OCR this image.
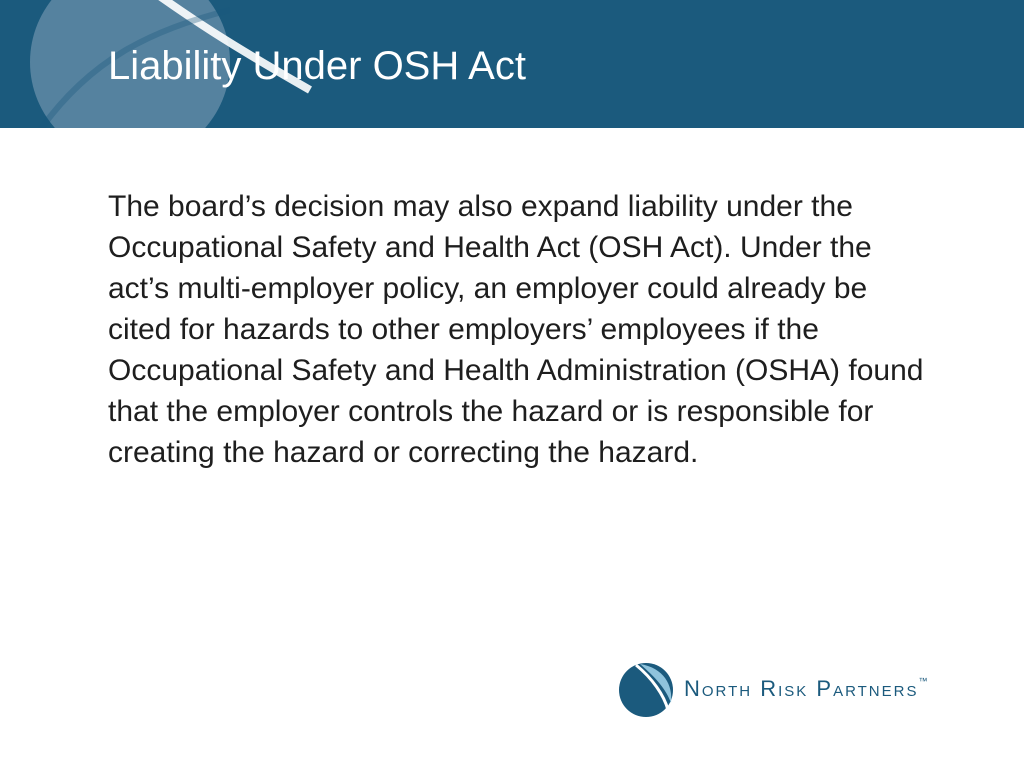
Liability Under OSH Act

The board’s decision may also expand liability under the Occupational Safety and Health Act (OSH Act). Under the act’s multi-employer policy, an employer could already be cited for hazards to other employers’ employees if the Occupational Safety and Health Administration (OSHA) found that the employer controls the hazard or is responsible for creating the hazard or correcting the hazard.

North Risk Partners™
